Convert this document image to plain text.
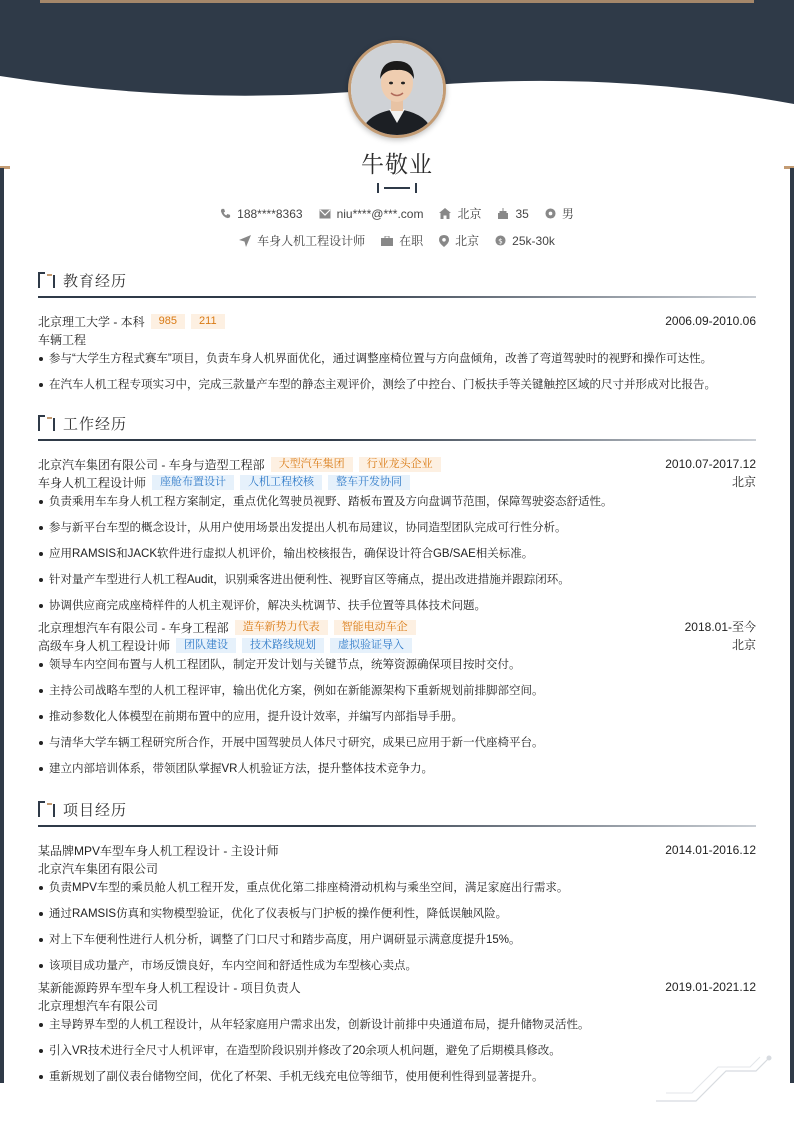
牛敬业
188****8363	niu****@***.com	北京	35	男
车身人机工程设计师	在职	北京 $ 25k-30k
教育经历
北京理工大学 - 本科	985	211	2006.09-2010.06
车辆工程
参与“大学生方程式赛车”项目，负责车身人机界面优化，通过调整座椅位置与方向盘倾角，改善了弯道驾驶时的视野和操作可达性。
在汽车人机工程专项实习中，完成三款量产车型的静态主观评价，测绘了中控台、门板扶手等关键触控区域的尺寸并形成对比报告。
工作经历
北京汽车集团有限公司 - 车身与造型工程部	大型汽车集团	行业龙头企业	2010.07-2017.12
车身人机工程设计师	座舱布置设计	人机工程校核	整车开发协同	北京
负责乘用车车身人机工程方案制定，重点优化驾驶员视野、踏板布置及方向盘调节范围，保障驾驶姿态舒适性。
参与新平台车型的概念设计，从用户使用场景出发提出人机布局建议，协同造型团队完成可行性分析。
应用RAMSIS和JACK软件进行虚拟人机评价，输出校核报告，确保设计符合GB/SAE相关标准。
针对量产车型进行人机工程Audit，识别乘客进出便利性、视野盲区等痛点，提出改进措施并跟踪闭环。
协调供应商完成座椅样件的人机主观评价，解决头枕调节、扶手位置等具体技术问题。
北京理想汽车有限公司 - 车身工程部	造车新势力代表	智能电动车企	2018.01-至今
高级车身人机工程设计师	团队建设	技术路线规划	虚拟验证导入	北京
领导车内空间布置与人机工程团队，制定开发计划与关键节点，统筹资源确保项目按时交付。
主持公司战略车型的人机工程评审，输出优化方案，例如在新能源架构下重新规划前排脚部空间。
推动参数化人体模型在前期布置中的应用，提升设计效率，并编写内部指导手册。
与清华大学车辆工程研究所合作，开展中国驾驶员人体尺寸研究，成果已应用于新一代座椅平台。
建立内部培训体系，带领团队掌握VR人机验证方法，提升整体技术竞争力。
项目经历
某品牌MPV车型车身人机工程设计 - 主设计师	2014.01-2016.12
北京汽车集团有限公司
负责MPV车型的乘员舱人机工程开发，重点优化第二排座椅滑动机构与乘坐空间，满足家庭出行需求。
通过RAMSIS仿真和实物模型验证，优化了仪表板与门护板的操作便利性，降低误触风险。
对上下车便利性进行人机分析，调整了门口尺寸和踏步高度，用户调研显示满意度提升15%。
该项目成功量产，市场反馈良好，车内空间和舒适性成为车型核心卖点。
某新能源跨界车型车身人机工程设计 - 项目负责人	2019.01-2021.12
北京理想汽车有限公司
主导跨界车型的人机工程设计，从年轻家庭用户需求出发，创新设计前排中央通道布局，提升储物灵活性。
引入VR技术进行全尺寸人机评审，在造型阶段识别并修改了20余项人机问题，避免了后期模具修改。
重新规划了副仪表台储物空间，优化了杯架、手机无线充电位等细节，使用便利性得到显著提升。
